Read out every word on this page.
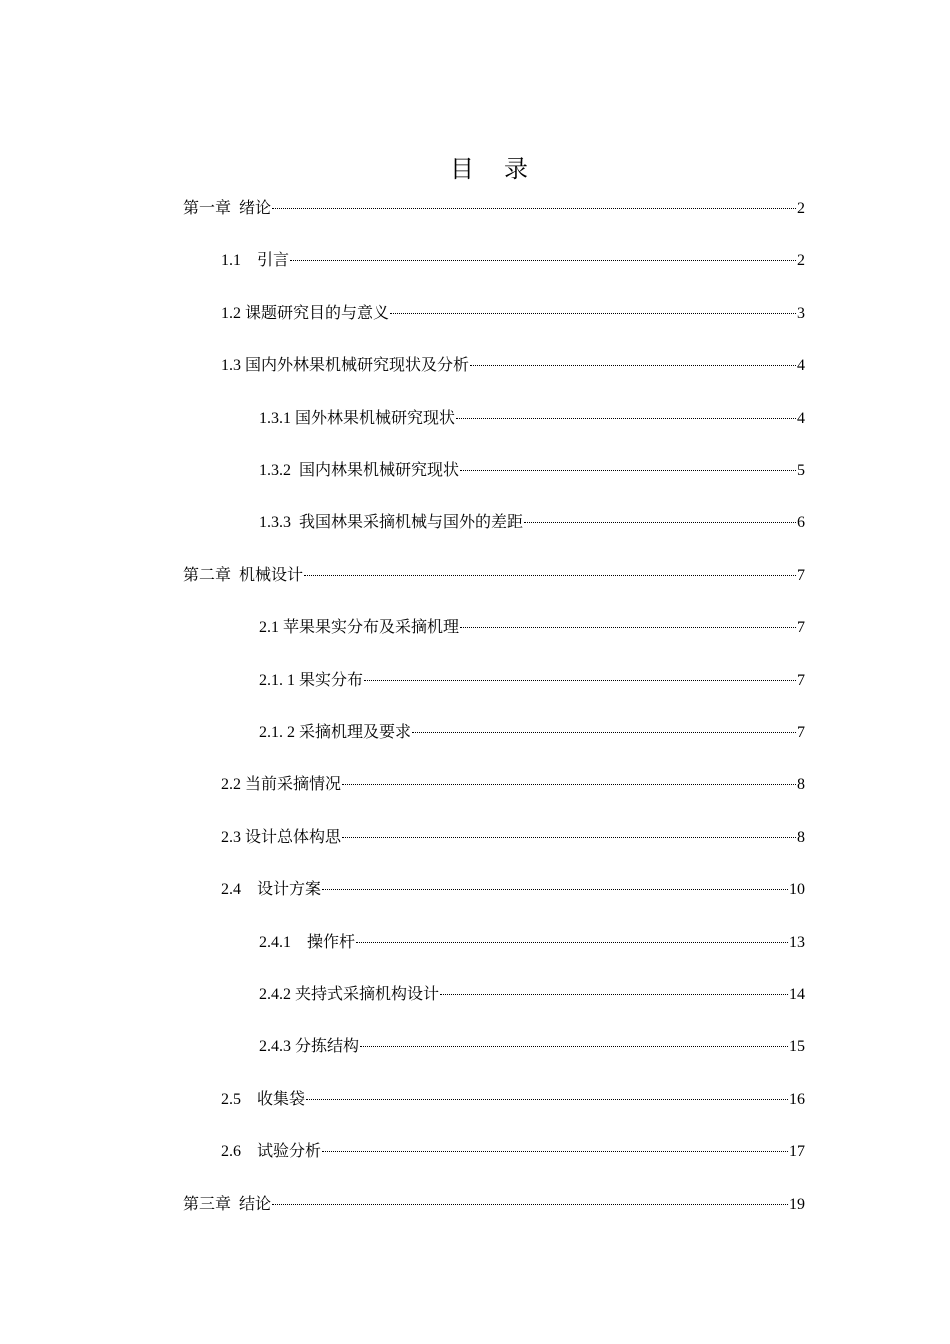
目 录
第一章  绪论	2
1.1    引言	2
1.2 课题研究目的与意义	3
1.3 国内外林果机械研究现状及分析	4
1.3.1 国外林果机械研究现状	4
1.3.2  国内林果机械研究现状	5
1.3.3  我国林果采摘机械与国外的差距	6
第二章  机械设计	7
2.1 苹果果实分布及采摘机理	7
2.1. 1 果实分布	7
2.1. 2 采摘机理及要求	7
2.2 当前采摘情况	8
2.3 设计总体构思	8
2.4    设计方案	10
2.4.1    操作杆	13
2.4.2 夹持式采摘机构设计	14
2.4.3 分拣结构	15
2.5    收集袋	16
2.6    试验分析	17
第三章  结论	19
